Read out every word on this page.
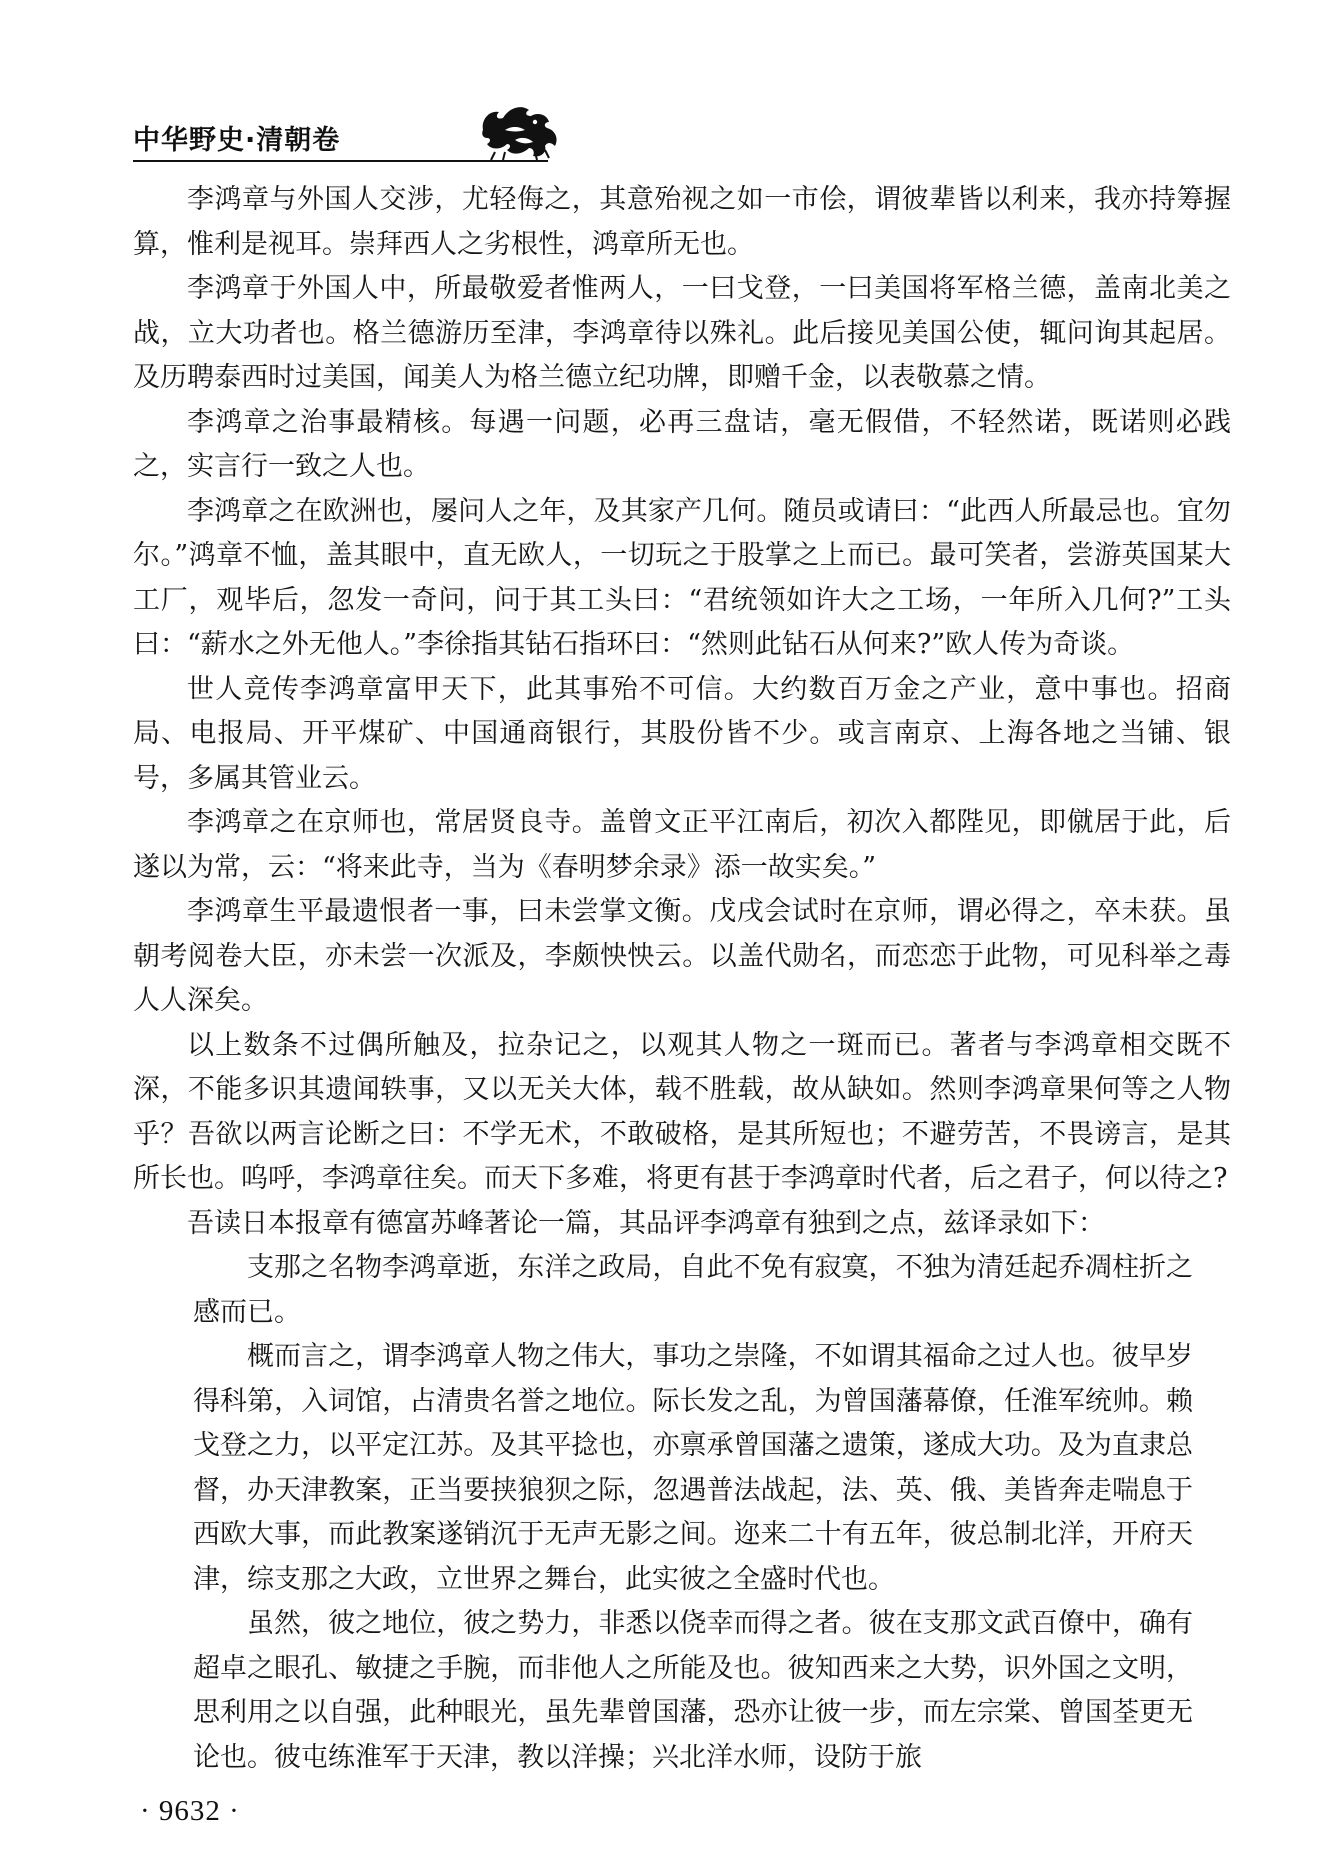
中华野史·清朝卷

李鸿章与外国人交涉，尤轻侮之，其意殆视之如一市侩，谓彼辈皆以利来，我亦持筹握算，惟利是视耳。崇拜西人之劣根性，鸿章所无也。

李鸿章于外国人中，所最敬爱者惟两人，一曰戈登，一曰美国将军格兰德，盖南北美之战，立大功者也。格兰德游历至津，李鸿章待以殊礼。此后接见美国公使，辄问询其起居。及历聘泰西时过美国，闻美人为格兰德立纪功牌，即赠千金，以表敬慕之情。

李鸿章之治事最精核。每遇一问题，必再三盘诘，毫无假借，不轻然诺，既诺则必践之，实言行一致之人也。

李鸿章之在欧洲也，屡问人之年，及其家产几何。随员或请曰：“此西人所最忌也。宜勿尔。”鸿章不恤，盖其眼中，直无欧人，一切玩之于股掌之上而已。最可笑者，尝游英国某大工厂，观毕后，忽发一奇问，问于其工头曰：“君统领如许大之工场，一年所入几何?”工头曰：“薪水之外无他人。”李徐指其钻石指环曰：“然则此钻石从何来?”欧人传为奇谈。

世人竞传李鸿章富甲天下，此其事殆不可信。大约数百万金之产业，意中事也。招商局、电报局、开平煤矿、中国通商银行，其股份皆不少。或言南京、上海各地之当铺、银号，多属其管业云。

李鸿章之在京师也，常居贤良寺。盖曾文正平江南后，初次入都陛见，即僦居于此，后遂以为常，云：“将来此寺，当为《春明梦余录》添一故实矣。”

李鸿章生平最遗恨者一事，曰未尝掌文衡。戊戌会试时在京师，谓必得之，卒未获。虽朝考阅卷大臣，亦未尝一次派及，李颇怏怏云。以盖代勋名，而恋恋于此物，可见科举之毒人人深矣。

以上数条不过偶所触及，拉杂记之，以观其人物之一斑而已。著者与李鸿章相交既不深，不能多识其遗闻轶事，又以无关大体，载不胜载，故从缺如。然则李鸿章果何等之人物乎？吾欲以两言论断之曰：不学无术，不敢破格，是其所短也；不避劳苦，不畏谤言，是其所长也。呜呼，李鸿章往矣。而天下多难，将更有甚于李鸿章时代者，后之君子，何以待之?

吾读日本报章有德富苏峰著论一篇，其品评李鸿章有独到之点，兹译录如下：

支那之名物李鸿章逝，东洋之政局，自此不免有寂寞，不独为清廷起乔凋柱折之感而已。

概而言之，谓李鸿章人物之伟大，事功之崇隆，不如谓其福命之过人也。彼早岁得科第，入词馆，占清贵名誉之地位。际长发之乱，为曾国藩幕僚，任淮军统帅。赖戈登之力，以平定江苏。及其平捻也，亦禀承曾国藩之遗策，遂成大功。及为直隶总督，办天津教案，正当要挟狼狈之际，忽遇普法战起，法、英、俄、美皆奔走喘息于西欧大事，而此教案遂销沉于无声无影之间。迩来二十有五年，彼总制北洋，开府天津，综支那之大政，立世界之舞台，此实彼之全盛时代也。

虽然，彼之地位，彼之势力，非悉以侥幸而得之者。彼在支那文武百僚中，确有超卓之眼孔、敏捷之手腕，而非他人之所能及也。彼知西来之大势，识外国之文明，思利用之以自强，此种眼光，虽先辈曾国藩，恐亦让彼一步，而左宗棠、曾国荃更无论也。彼屯练淮军于天津，教以洋操；兴北洋水师，设防于旅

· 9632 ·
